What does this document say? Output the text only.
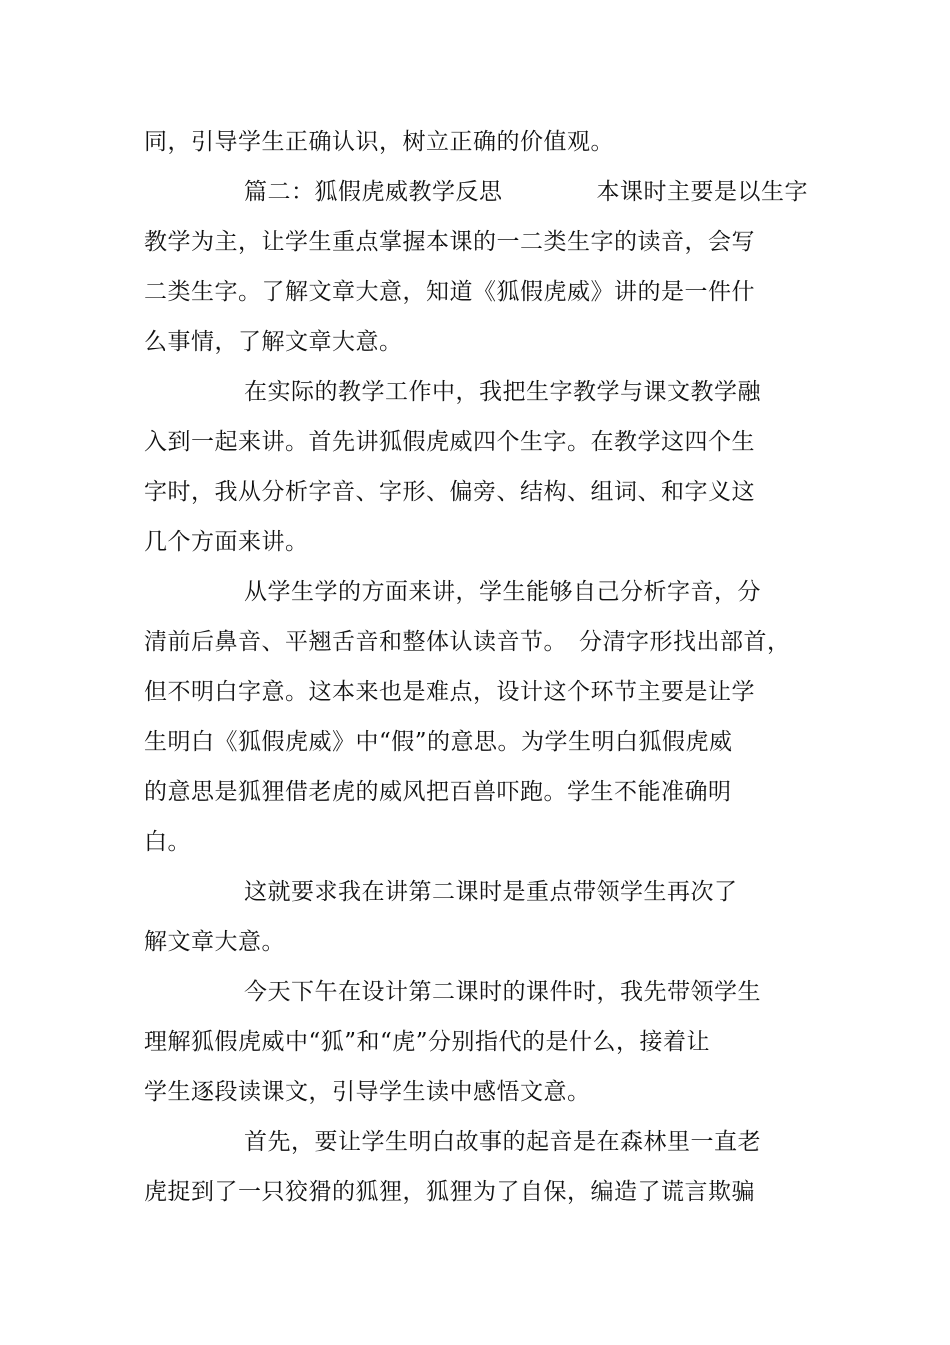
同，引导学生正确认识，树立正确的价值观。
篇二：狐假虎威教学反思　　　　本课时主要是以生字
教学为主，让学生重点掌握本课的一二类生字的读音，会写
二类生字。了解文章大意，知道《狐假虎威》讲的是一件什
么事情，了解文章大意。
在实际的教学工作中，我把生字教学与课文教学融
入到一起来讲。首先讲狐假虎威四个生字。在教学这四个生
字时，我从分析字音、字形、偏旁、结构、组词、和字义这
几个方面来讲。
从学生学的方面来讲，学生能够自己分析字音，分
清前后鼻音、平翘舌音和整体认读音节。　分清字形找出部首，
但不明白字意。这本来也是难点，设计这个环节主要是让学
生明白《狐假虎威》中“假”的意思。为学生明白狐假虎威
的意思是狐狸借老虎的威风把百兽吓跑。学生不能准确明
白。
这就要求我在讲第二课时是重点带领学生再次了
解文章大意。
今天下午在设计第二课时的课件时，我先带领学生
理解狐假虎威中“狐”和“虎”分别指代的是什么，接着让
学生逐段读课文，引导学生读中感悟文意。
首先，要让学生明白故事的起音是在森林里一直老
虎捉到了一只狡猾的狐狸，狐狸为了自保，编造了谎言欺骗
